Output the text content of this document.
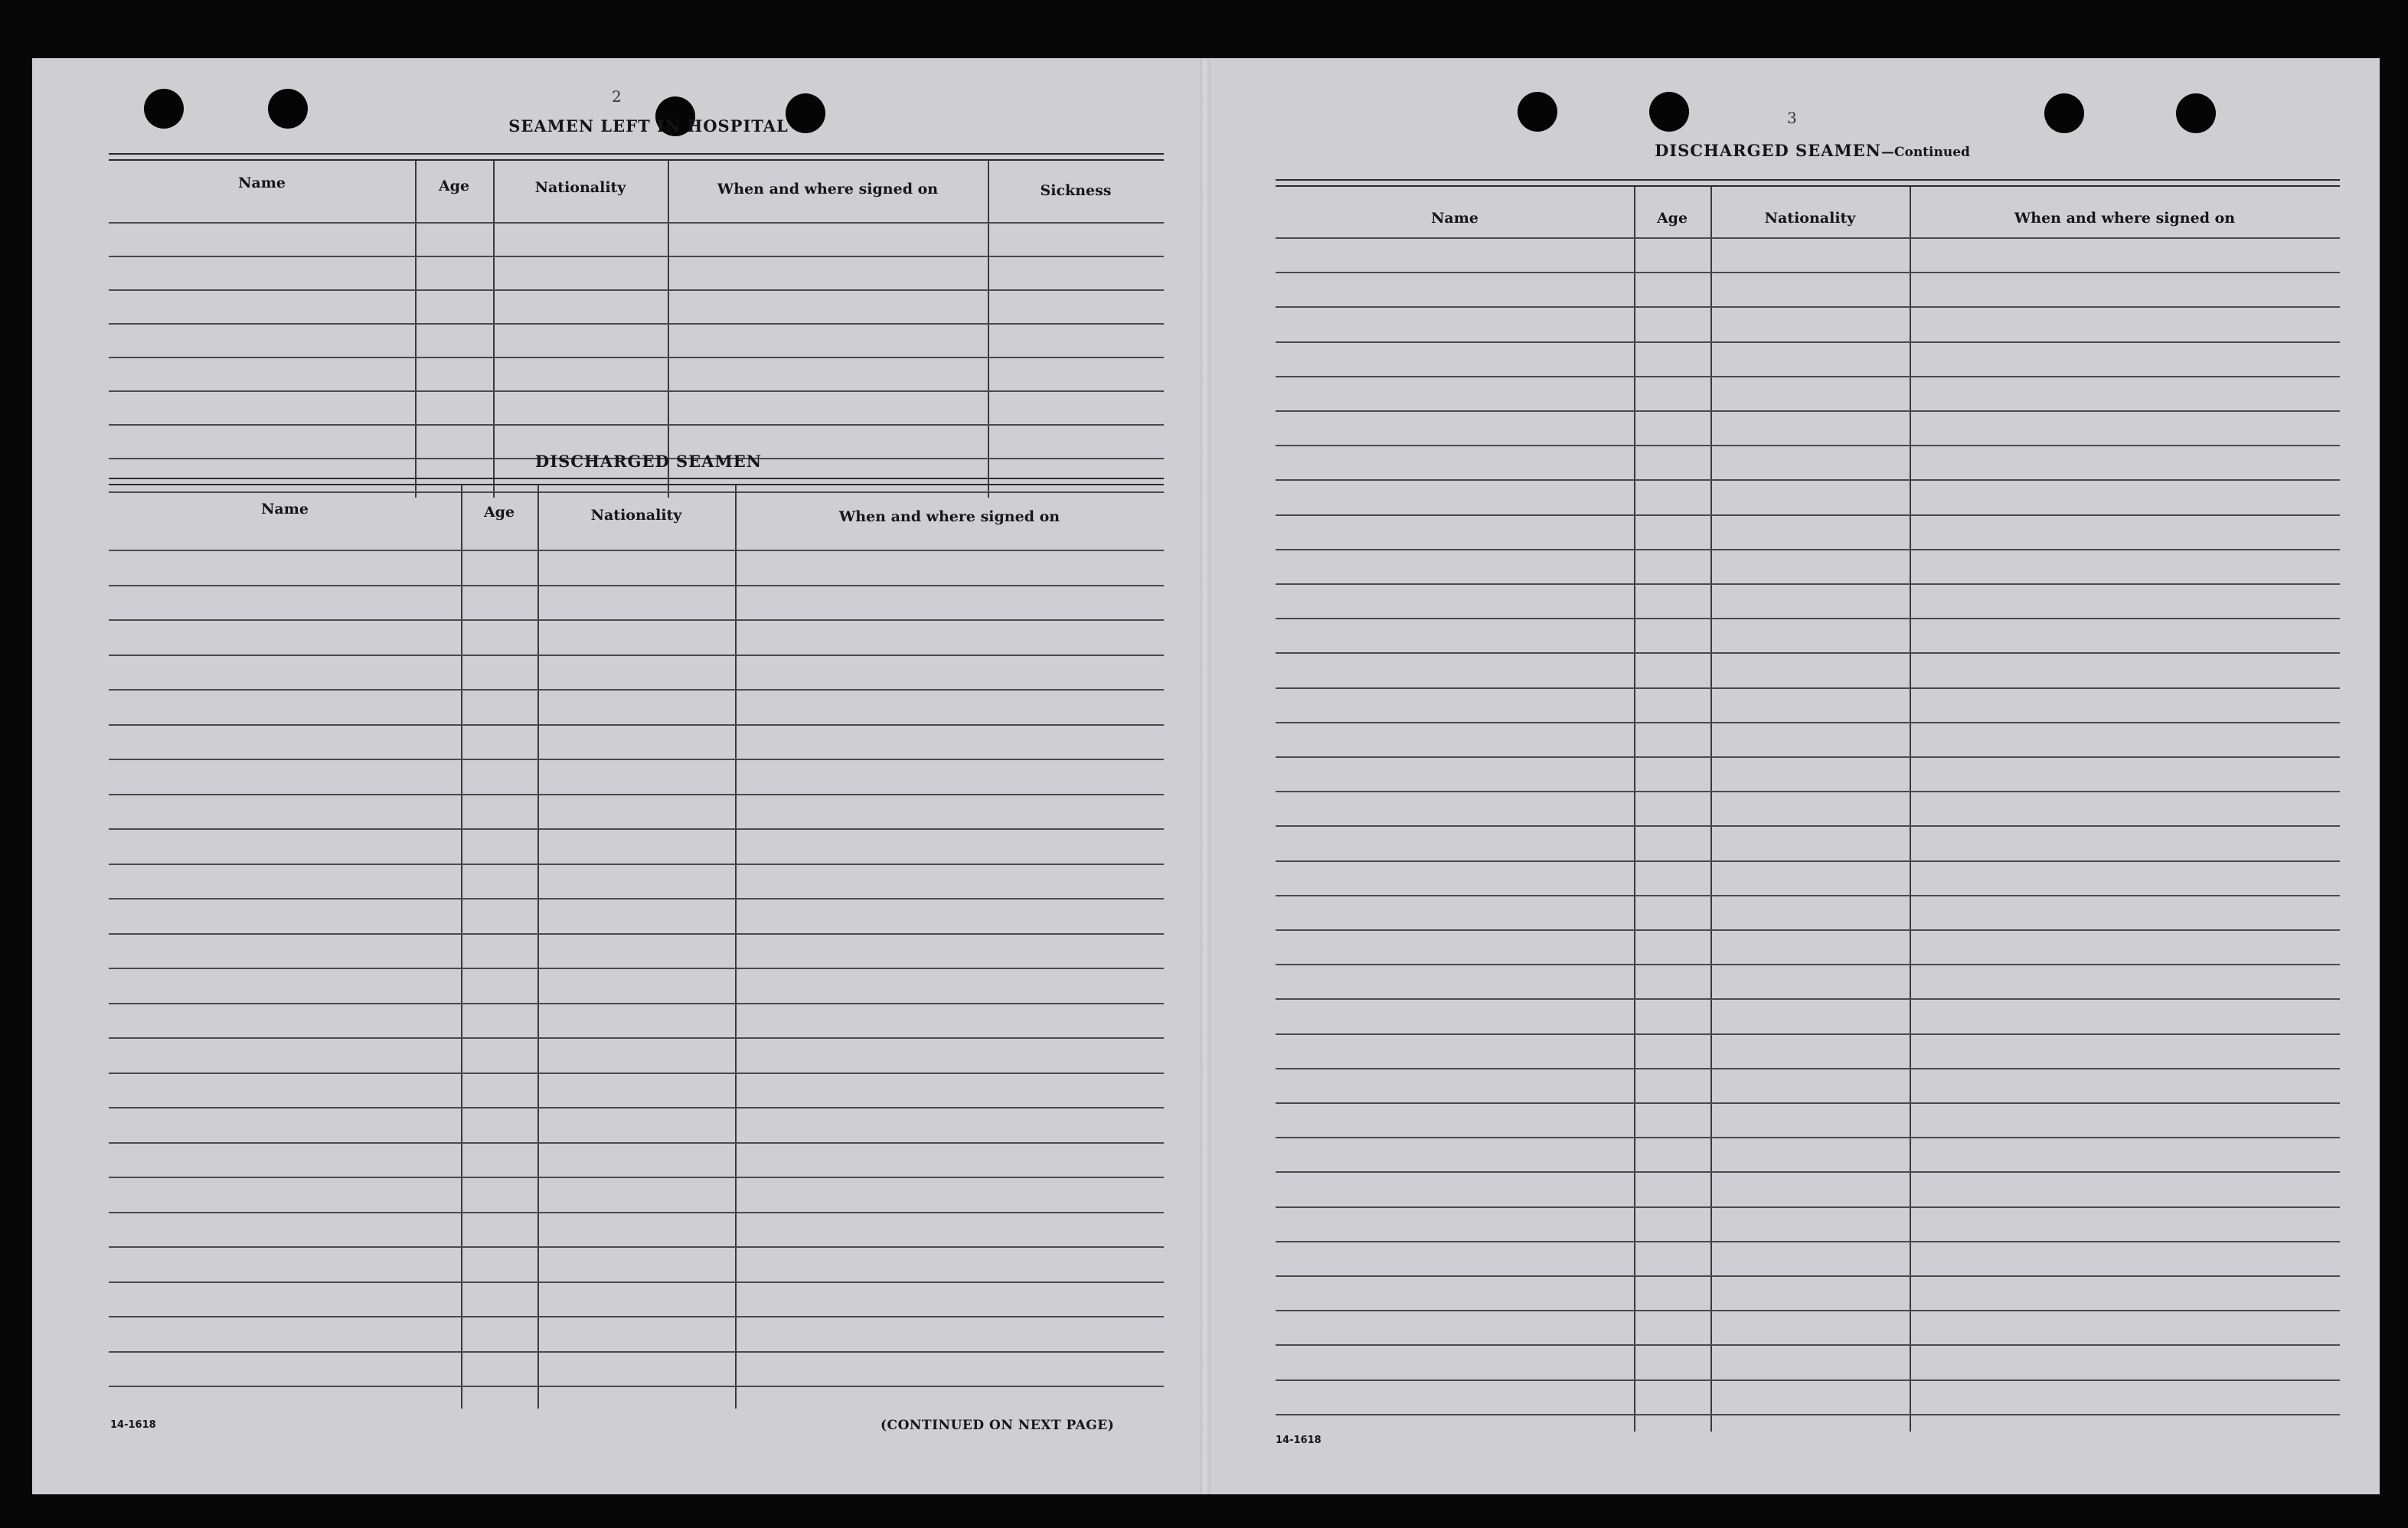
2
3
SEAMEN LEFT IN HOSPITAL
Name	Age	Nationality	When and where signed on	Sickness
DISCHARGED SEAMEN
Name	Age	Nationality	When and where signed on
14-1618	(CONTINUED ON NEXT PAGE)
DISCHARGED SEAMEN—Continued
Name	Age	Nationality	When and where signed on
14-1618
